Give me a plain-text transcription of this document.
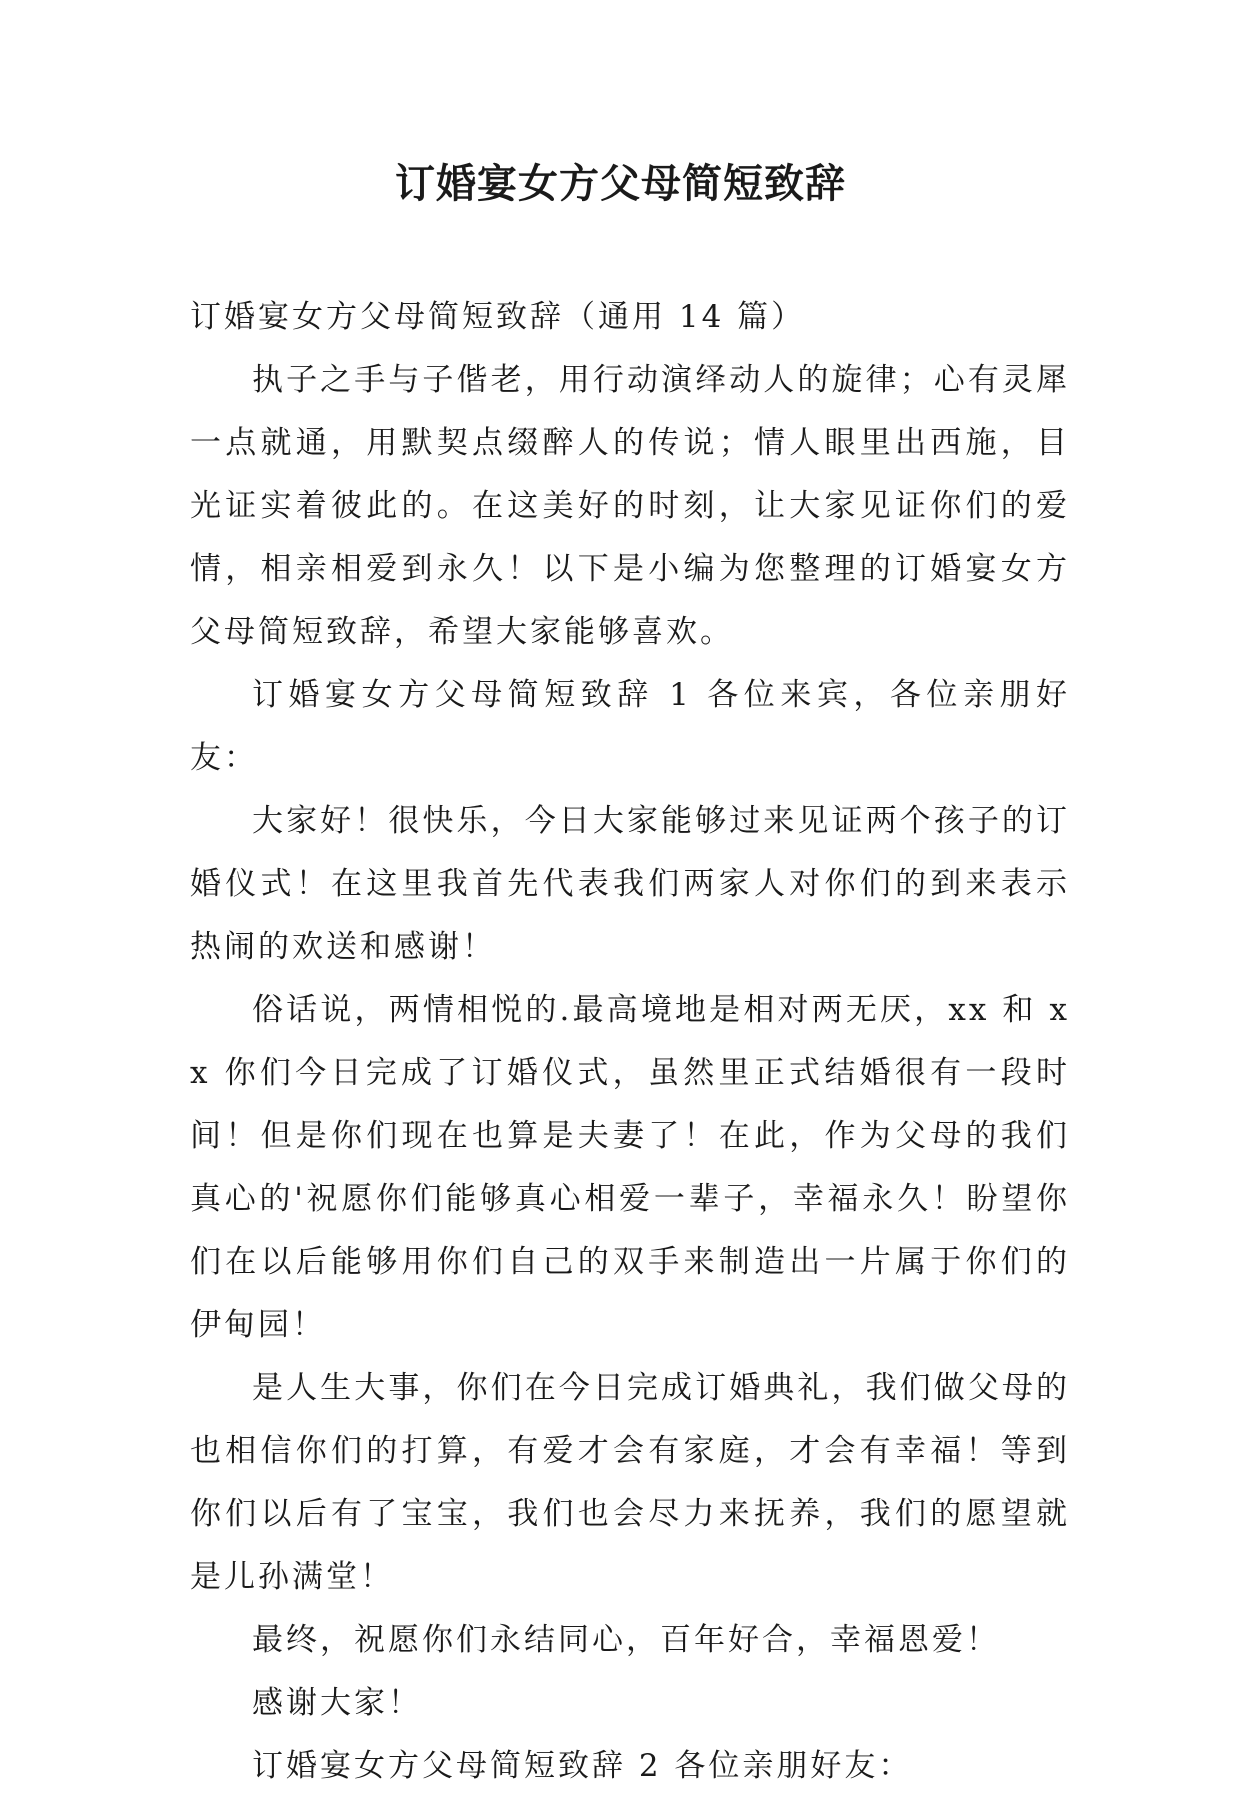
订婚宴女方父母简短致辞

订婚宴女方父母简短致辞（通用 14 篇）

执子之手与子偕老，用行动演绎动人的旋律；心有灵犀一点就通，用默契点缀醉人的传说；情人眼里出西施，目光证实着彼此的。在这美好的时刻，让大家见证你们的爱情，相亲相爱到永久！以下是小编为您整理的订婚宴女方父母简短致辞，希望大家能够喜欢。

订婚宴女方父母简短致辞 1 各位来宾，各位亲朋好友：

大家好！很快乐，今日大家能够过来见证两个孩子的订婚仪式！在这里我首先代表我们两家人对你们的到来表示热闹的欢送和感谢！

俗话说，两情相悦的.最高境地是相对两无厌，xx 和 xx 你们今日完成了订婚仪式，虽然里正式结婚很有一段时间！但是你们现在也算是夫妻了！在此，作为父母的我们真心的'祝愿你们能够真心相爱一辈子，幸福永久！盼望你们在以后能够用你们自己的双手来制造出一片属于你们的伊甸园！

是人生大事，你们在今日完成订婚典礼，我们做父母的也相信你们的打算，有爱才会有家庭，才会有幸福！等到你们以后有了宝宝，我们也会尽力来抚养，我们的愿望就是儿孙满堂！

最终，祝愿你们永结同心，百年好合，幸福恩爱！

感谢大家！

订婚宴女方父母简短致辞 2 各位亲朋好友：
